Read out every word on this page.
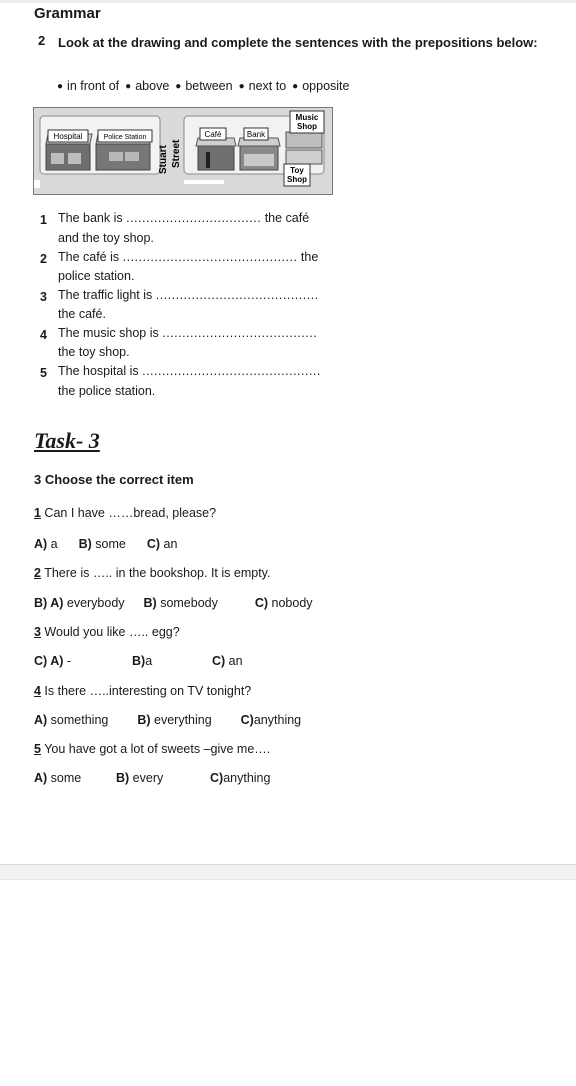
Grammar
2 Look at the drawing and complete the sentences with the prepositions below:
● in front of ● above ● between ● next to ● opposite
Hospital	Police Station
Stuart Street
Café	Bank
Music
Shop
Toy
Shop
1 The bank is .................................. the café
and the toy shop.
2 The café is ............................................ the
police station.
3 The traffic light is .........................................
the café.
4 The music shop is .......................................
the toy shop.
5 The hospital is .............................................
the police station.
Task- 3
3 Choose the correct item
1 Can I have ……bread, please?
A) a B) some C) an
2 There is ….. in the bookshop. It is empty.
B) A) everybody B) somebody	C) nobody
3 Would you like ….. egg?
C) A) -	B)a	C) an
4 Is there …..interesting on TV tonight?
A) something B) everything C)anything
5 You have got a lot of sweets –give me….
A) some	B) every	C)anything
